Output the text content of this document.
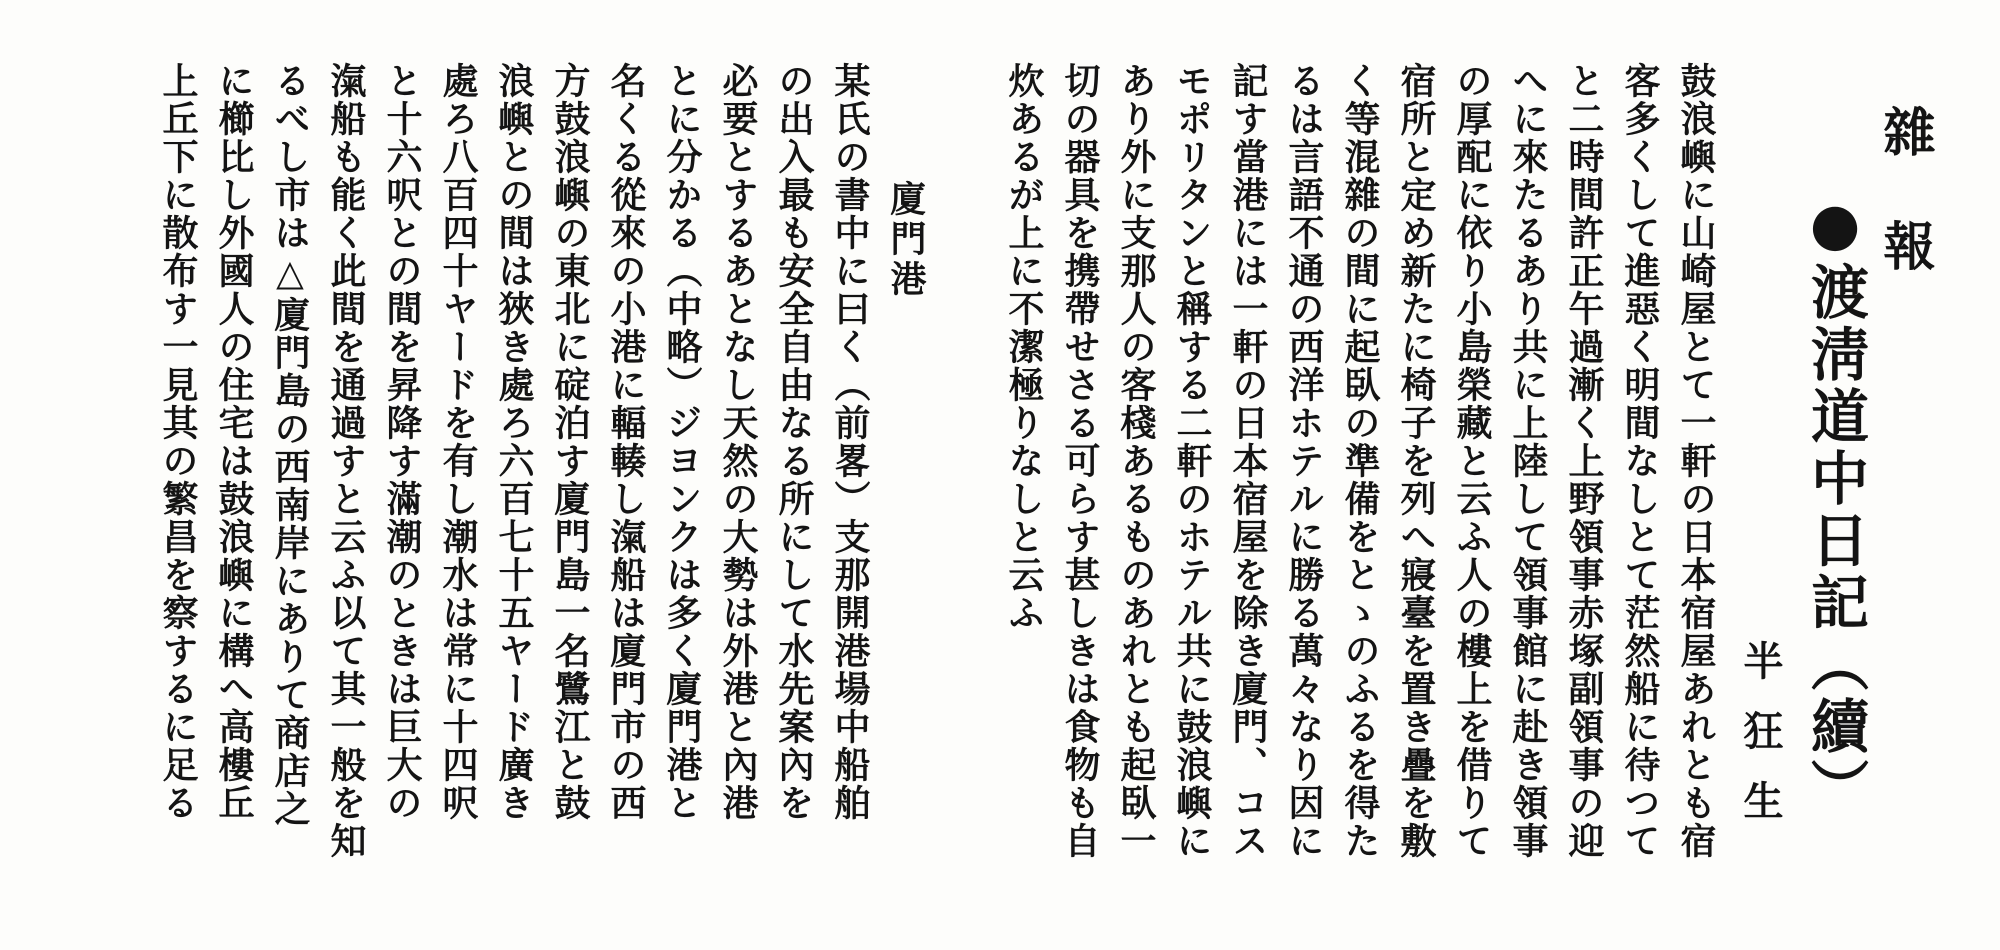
雜報
●渡淸道中日記（續）
半狂生
鼓浪嶼に山崎屋とて一軒の日本宿屋あれとも宿
客多くして進惡く明間なしとて茫然船に待つて
と二時間許正午過漸く上野領事赤塚副領事の迎
へに來たるあり共に上陸して領事館に赴き領事
の厚配に依り小島榮藏と云ふ人の樓上を借りて
宿所と定め新たに椅子を列へ寢臺を置き疊を敷
く等混雜の間に起臥の準備をとゝのふるを得た
るは言語不通の西洋ホテルに勝る萬々なり因に
記す當港には一軒の日本宿屋を除き廈門、コス
モポリタンと稱する二軒のホテル共に鼓浪嶼に
あり外に支那人の客棧あるものあれとも起臥一
切の器具を携帶せさる可らす甚しきは食物も自
炊あるが上に不潔極りなしと云ふ
廈門港
某氏の書中に曰く（前畧）支那開港場中船舶
の出入最も安全自由なる所にして水先案內を
必要とするあとなし天然の大勢は外港と內港
とに分かる（中略）ジヨンクは多く廈門港と
名くる從來の小港に輻輳し滊船は廈門市の西
方鼓浪嶼の東北に碇泊す廈門島一名鷺江と鼓
浪嶼との間は狹き處ろ六百七十五ヤード廣き
處ろ八百四十ヤードを有し潮水は常に十四呎
と十六呎との間を昇降す滿潮のときは巨大の
滊船も能く此間を通過すと云ふ以て其一般を知
るべし市は△廈門島の西南岸にありて商店之
に櫛比し外國人の住宅は鼓浪嶼に構へ高樓丘
上丘下に散布す一見其の繁昌を察するに足る
